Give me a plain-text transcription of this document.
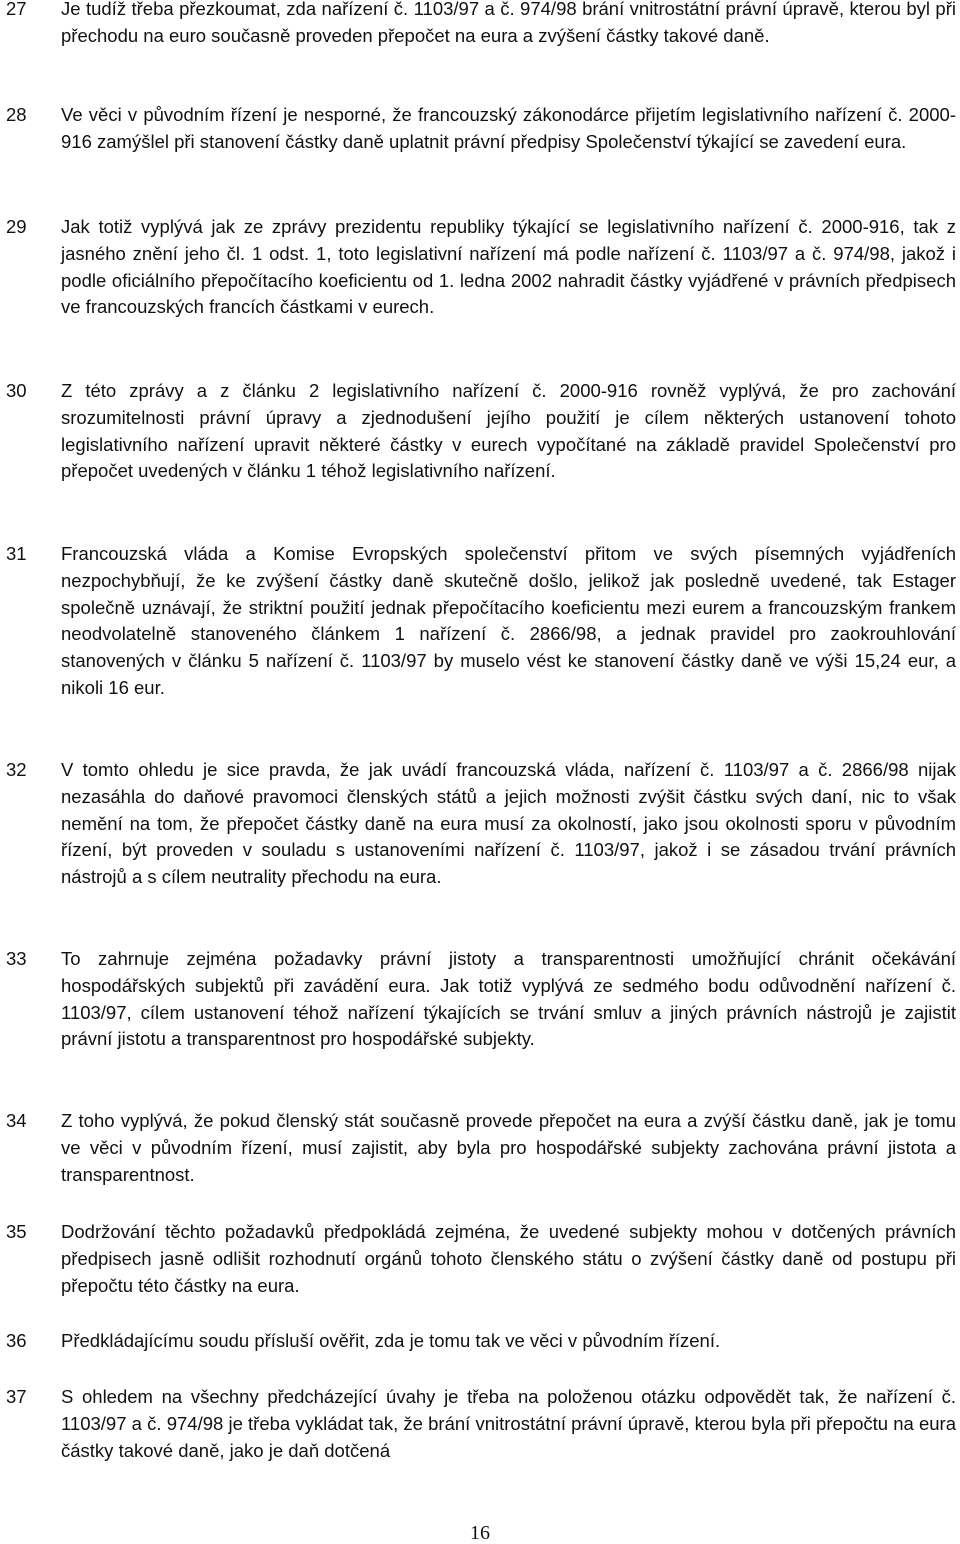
27	Je tudíž třeba přezkoumat, zda nařízení č. 1103/97 a č. 974/98 brání vnitrostátní právní úpravě, kterou byl při přechodu na euro současně proveden přepočet na eura a zvýšení částky takové daně.

28	Ve věci v původním řízení je nesporné, že francouzský zákonodárce přijetím legislativního nařízení č. 2000-916 zamýšlel při stanovení částky daně uplatnit právní předpisy Společenství týkající se zavedení eura.

29	Jak totiž vyplývá jak ze zprávy prezidentu republiky týkající se legislativního nařízení č. 2000-916, tak z jasného znění jeho čl. 1 odst. 1, toto legislativní nařízení má podle nařízení č. 1103/97 a č. 974/98, jakož i podle oficiálního přepočítacího koeficientu od 1. ledna 2002 nahradit částky vyjádřené v právních předpisech ve francouzských francích částkami v eurech.

30	Z této zprávy a z článku 2 legislativního nařízení č. 2000-916 rovněž vyplývá, že pro zachování srozumitelnosti právní úpravy a zjednodušení jejího použití je cílem některých ustanovení tohoto legislativního nařízení upravit některé částky v eurech vypočítané na základě pravidel Společenství pro přepočet uvedených v článku 1 téhož legislativního nařízení.

31	Francouzská vláda a Komise Evropských společenství přitom ve svých písemných vyjádřeních nezpochybňují, že ke zvýšení částky daně skutečně došlo, jelikož jak posledně uvedené, tak Estager společně uznávají, že striktní použití jednak přepočítacího koeficientu mezi eurem a francouzským frankem neodvolatelně stanoveného článkem 1 nařízení č. 2866/98, a jednak pravidel pro zaokrouhlování stanovených v článku 5 nařízení č. 1103/97 by muselo vést ke stanovení částky daně ve výši 15,24 eur, a nikoli 16 eur.

32	V tomto ohledu je sice pravda, že jak uvádí francouzská vláda, nařízení č. 1103/97 a č. 2866/98 nijak nezasáhla do daňové pravomoci členských států a jejich možnosti zvýšit částku svých daní, nic to však nemění na tom, že přepočet částky daně na eura musí za okolností, jako jsou okolnosti sporu v původním řízení, být proveden v souladu s ustanoveními nařízení č. 1103/97, jakož i se zásadou trvání právních nástrojů a s cílem neutrality přechodu na eura.

33	To zahrnuje zejména požadavky právní jistoty a transparentnosti umožňující chránit očekávání hospodářských subjektů při zavádění eura. Jak totiž vyplývá ze sedmého bodu odůvodnění nařízení č. 1103/97, cílem ustanovení téhož nařízení týkajících se trvání smluv a jiných právních nástrojů je zajistit právní jistotu a transparentnost pro hospodářské subjekty.

34	Z toho vyplývá, že pokud členský stát současně provede přepočet na eura a zvýší částku daně, jak je tomu ve věci v původním řízení, musí zajistit, aby byla pro hospodářské subjekty zachována právní jistota a transparentnost.

35	Dodržování těchto požadavků předpokládá zejména, že uvedené subjekty mohou v dotčených právních předpisech jasně odlišit rozhodnutí orgánů tohoto členského státu o zvýšení částky daně od postupu při přepočtu této částky na eura.

36	Předkládajícímu soudu přísluší ověřit, zda je tomu tak ve věci v původním řízení.

37	S ohledem na všechny předcházející úvahy je třeba na položenou otázku odpovědět tak, že nařízení č. 1103/97 a č. 974/98 je třeba vykládat tak, že brání vnitrostátní právní úpravě, kterou byla při přepočtu na eura částky takové daně, jako je daň dotčená

16
